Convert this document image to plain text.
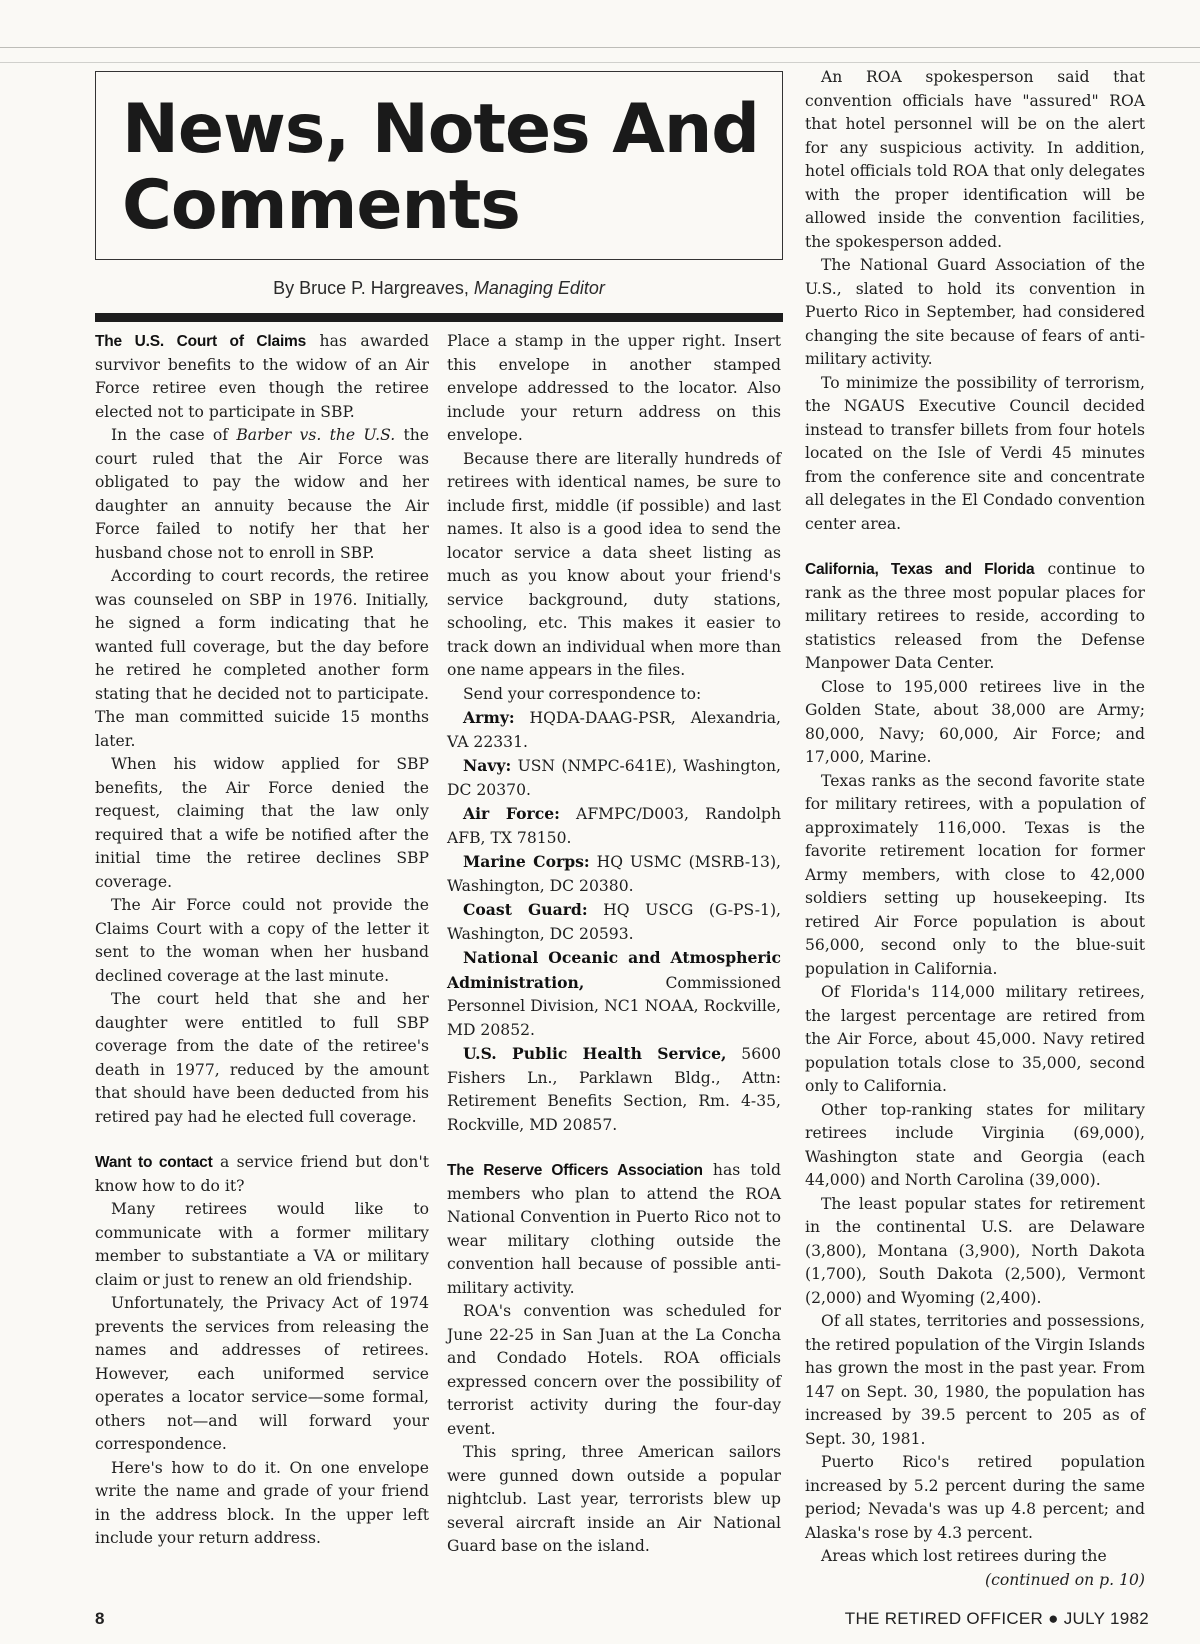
News, Notes And
Comments
By Bruce P. Hargreaves, Managing Editor

The U.S. Court of Claims has awarded survivor benefits to the widow of an Air Force retiree even though the retiree elected not to participate in SBP.

In the case of Barber vs. the U.S. the court ruled that the Air Force was obligated to pay the widow and her daughter an annuity because the Air Force failed to notify her that her husband chose not to enroll in SBP.

According to court records, the retiree was counseled on SBP in 1976. Initially, he signed a form indicating that he wanted full coverage, but the day before he retired he completed another form stating that he decided not to participate. The man committed suicide 15 months later.

When his widow applied for SBP benefits, the Air Force denied the request, claiming that the law only required that a wife be notified after the initial time the retiree declines SBP coverage.

The Air Force could not provide the Claims Court with a copy of the letter it sent to the woman when her husband declined coverage at the last minute.

The court held that she and her daughter were entitled to full SBP coverage from the date of the retiree's death in 1977, reduced by the amount that should have been deducted from his retired pay had he elected full coverage.

Want to contact a service friend but don't know how to do it?

Many retirees would like to communicate with a former military member to substantiate a VA or military claim or just to renew an old friendship.

Unfortunately, the Privacy Act of 1974 prevents the services from releasing the names and addresses of retirees. However, each uniformed service operates a locator service—some formal, others not—and will forward your correspondence.

Here's how to do it. On one envelope write the name and grade of your friend in the address block. In the upper left include your return address.

Place a stamp in the upper right. Insert this envelope in another stamped envelope addressed to the locator. Also include your return address on this envelope.

Because there are literally hundreds of retirees with identical names, be sure to include first, middle (if possible) and last names. It also is a good idea to send the locator service a data sheet listing as much as you know about your friend's service background, duty stations, schooling, etc. This makes it easier to track down an individual when more than one name appears in the files.

Send your correspondence to:

Army: HQDA-DAAG-PSR, Alexandria, VA 22331.

Navy: USN (NMPC-641E), Washington, DC 20370.

Air Force: AFMPC/D003, Randolph AFB, TX 78150.

Marine Corps: HQ USMC (MSRB-13), Washington, DC 20380.

Coast Guard: HQ USCG (G-PS-1), Washington, DC 20593.

National Oceanic and Atmospheric Administration, Commissioned Personnel Division, NC1 NOAA, Rockville, MD 20852.

U.S. Public Health Service, 5600 Fishers Ln., Parklawn Bldg., Attn: Retirement Benefits Section, Rm. 4-35, Rockville, MD 20857.

The Reserve Officers Association has told members who plan to attend the ROA National Convention in Puerto Rico not to wear military clothing outside the convention hall because of possible anti-military activity.

ROA's convention was scheduled for June 22-25 in San Juan at the La Concha and Condado Hotels. ROA officials expressed concern over the possibility of terrorist activity during the four-day event.

This spring, three American sailors were gunned down outside a popular nightclub. Last year, terrorists blew up several aircraft inside an Air National Guard base on the island.

An ROA spokesperson said that convention officials have "assured" ROA that hotel personnel will be on the alert for any suspicious activity. In addition, hotel officials told ROA that only delegates with the proper identification will be allowed inside the convention facilities, the spokesperson added.

The National Guard Association of the U.S., slated to hold its convention in Puerto Rico in September, had considered changing the site because of fears of anti-military activity.

To minimize the possibility of terrorism, the NGAUS Executive Council decided instead to transfer billets from four hotels located on the Isle of Verdi 45 minutes from the conference site and concentrate all delegates in the El Condado convention center area.

California, Texas and Florida continue to rank as the three most popular places for military retirees to reside, according to statistics released from the Defense Manpower Data Center.

Close to 195,000 retirees live in the Golden State, about 38,000 are Army; 80,000, Navy; 60,000, Air Force; and 17,000, Marine.

Texas ranks as the second favorite state for military retirees, with a population of approximately 116,000. Texas is the favorite retirement location for former Army members, with close to 42,000 soldiers setting up housekeeping. Its retired Air Force population is about 56,000, second only to the blue-suit population in California.

Of Florida's 114,000 military retirees, the largest percentage are retired from the Air Force, about 45,000. Navy retired population totals close to 35,000, second only to California.

Other top-ranking states for military retirees include Virginia (69,000), Washington state and Georgia (each 44,000) and North Carolina (39,000).

The least popular states for retirement in the continental U.S. are Delaware (3,800), Montana (3,900), North Dakota (1,700), South Dakota (2,500), Vermont (2,000) and Wyoming (2,400).

Of all states, territories and possessions, the retired population of the Virgin Islands has grown the most in the past year. From 147 on Sept. 30, 1980, the population has increased by 39.5 percent to 205 as of Sept. 30, 1981.

Puerto Rico's retired population increased by 5.2 percent during the same period; Nevada's was up 4.8 percent; and Alaska's rose by 4.3 percent.

Areas which lost retirees during the

(continued on p. 10)

8	THE RETIRED OFFICER ● JULY 1982
